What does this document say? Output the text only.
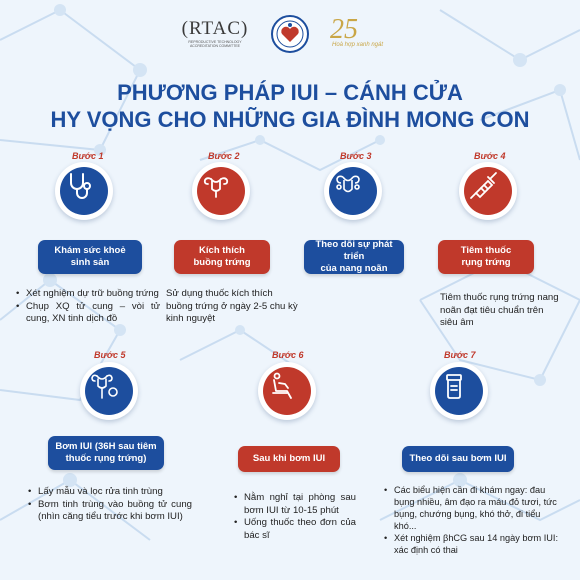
(RTAC)
REPRODUCTIVE TECHNOLOGY ACCREDITATION COMMITTEE
25
Hoà hợp xanh ngát
PHƯƠNG PHÁP IUI – CÁNH CỬA
HY VỌNG CHO NHỮNG GIA ĐÌNH MONG CON
Bước 1
Khám sức khoẻ
sinh sản
• Xét nghiệm dự trữ buồng trứng
• Chụp XQ tử cung – vòi tử cung, XN tinh dịch đồ
Bước 2
Kích thích
buồng trứng
Sử dụng thuốc kích thích buồng trứng ở ngày 2-5 chu kỳ kinh nguyệt
Bước 3
Theo dõi sự phát triển
của nang noãn
Bước 4
Tiêm thuốc
rụng trứng
Tiêm thuốc rụng trứng nang noãn đạt tiêu chuẩn trên siêu âm
Bước 5
Bơm IUI (36H sau tiêm
thuốc rụng trứng)
• Lấy mẫu và lọc rửa tinh trùng
• Bơm tinh trùng vào buồng tử cung (nhìn căng tiểu trước khi bơm IUI)
Bước 6
Sau khi bơm IUI
• Nằm nghỉ tại phòng sau bơm IUI từ 10-15 phút
• Uống thuốc theo đơn của bác sĩ
Bước 7
Theo dõi sau bơm IUI
• Các biểu hiện cần đi khám ngay: đau bụng nhiều, âm đạo ra máu đỏ tươi, tức bụng, chướng bụng, khó thở, đi tiểu khó...
• Xét nghiệm βhCG sau 14 ngày bơm IUI: xác định có thai
